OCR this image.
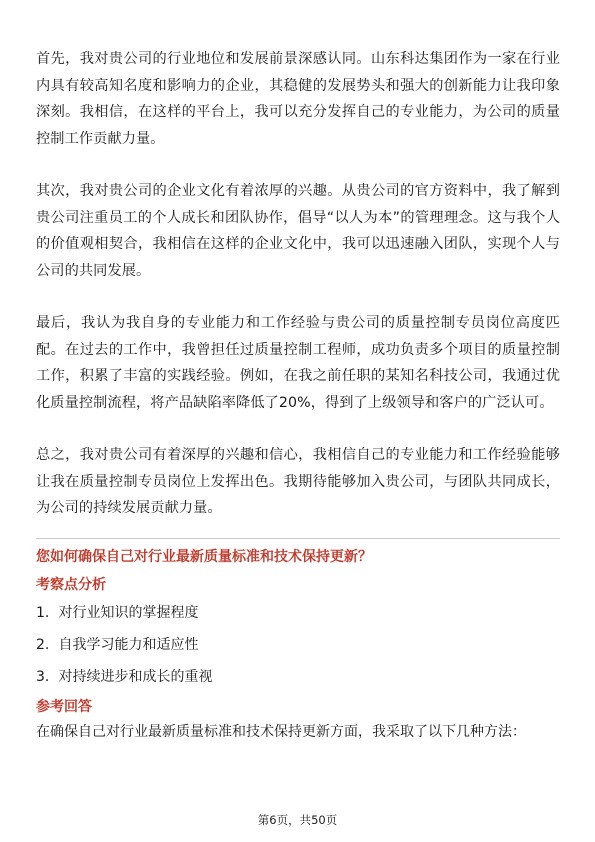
首先，我对贵公司的行业地位和发展前景深感认同。山东科达集团作为一家在行业内具有较高知名度和影响力的企业，其稳健的发展势头和强大的创新能力让我印象深刻。我相信，在这样的平台上，我可以充分发挥自己的专业能力，为公司的质量控制工作贡献力量。

其次，我对贵公司的企业文化有着浓厚的兴趣。从贵公司的官方资料中，我了解到贵公司注重员工的个人成长和团队协作，倡导“以人为本”的管理理念。这与我个人的价值观相契合，我相信在这样的企业文化中，我可以迅速融入团队，实现个人与公司的共同发展。

最后，我认为我自身的专业能力和工作经验与贵公司的质量控制专员岗位高度匹配。在过去的工作中，我曾担任过质量控制工程师，成功负责多个项目的质量控制工作，积累了丰富的实践经验。例如，在我之前任职的某知名科技公司，我通过优化质量控制流程，将产品缺陷率降低了20%，得到了上级领导和客户的广泛认可。

总之，我对贵公司有着深厚的兴趣和信心，我相信自己的专业能力和工作经验能够让我在质量控制专员岗位上发挥出色。我期待能够加入贵公司，与团队共同成长，为公司的持续发展贡献力量。

您如何确保自己对行业最新质量标准和技术保持更新？
考察点分析
1. 对行业知识的掌握程度
2. 自我学习能力和适应性
3. 对持续进步和成长的重视
参考回答
在确保自己对行业最新质量标准和技术保持更新方面，我采取了以下几种方法：
第6页，共50页
